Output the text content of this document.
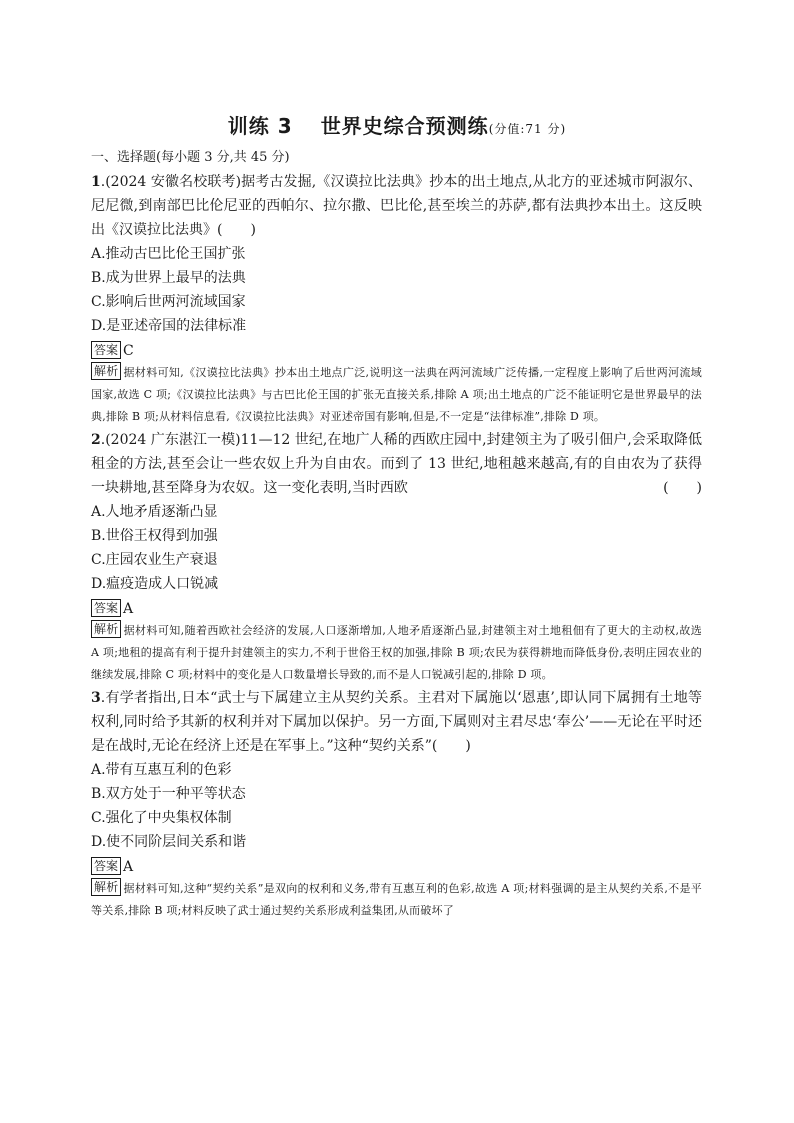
训练 3 世界史综合预测练(分值:71 分)
一、选择题(每小题 3 分,共 45 分)
1.(2024 安徽名校联考)据考古发掘,《汉谟拉比法典》抄本的出土地点,从北方的亚述城市阿淑尔、尼尼微,到南部巴比伦尼亚的西帕尔、拉尔撒、巴比伦,甚至埃兰的苏萨,都有法典抄本出土。这反映出《汉谟拉比法典》(　　)
A.推动古巴比伦王国扩张
B.成为世界上最早的法典
C.影响后世两河流域国家
D.是亚述帝国的法律标准
答案 C
解析 据材料可知,《汉谟拉比法典》抄本出土地点广泛,说明这一法典在两河流域广泛传播,一定程度上影响了后世两河流域国家,故选 C 项;《汉谟拉比法典》与古巴比伦王国的扩张无直接关系,排除 A 项;出土地点的广泛不能证明它是世界最早的法典,排除 B 项;从材料信息看,《汉谟拉比法典》对亚述帝国有影响,但是,不一定是“法律标准”,排除 D 项。
2.(2024 广东湛江一模)11—12 世纪,在地广人稀的西欧庄园中,封建领主为了吸引佃户,会采取降低租金的方法,甚至会让一些农奴上升为自由农。而到了 13 世纪,地租越来越高,有的自由农为了获得一块耕地,甚至降身为农奴。这一变化表明,当时西欧	(　　)
A.人地矛盾逐渐凸显
B.世俗王权得到加强
C.庄园农业生产衰退
D.瘟疫造成人口锐减
答案 A
解析 据材料可知,随着西欧社会经济的发展,人口逐渐增加,人地矛盾逐渐凸显,封建领主对土地租佃有了更大的主动权,故选 A 项;地租的提高有利于提升封建领主的实力,不利于世俗王权的加强,排除 B 项;农民为获得耕地而降低身份,表明庄园农业的继续发展,排除 C 项;材料中的变化是人口数量增长导致的,而不是人口锐减引起的,排除 D 项。
3.有学者指出,日本“武士与下属建立主从契约关系。主君对下属施以‘恩惠’,即认同下属拥有土地等权利,同时给予其新的权利并对下属加以保护。另一方面,下属则对主君尽忠‘奉公’——无论在平时还是在战时,无论在经济上还是在军事上。”这种“契约关系”(　　)
A.带有互惠互利的色彩
B.双方处于一种平等状态
C.强化了中央集权体制
D.使不同阶层间关系和谐
答案 A
解析 据材料可知,这种“契约关系”是双向的权利和义务,带有互惠互利的色彩,故选 A 项;材料强调的是主从契约关系,不是平等关系,排除 B 项;材料反映了武士通过契约关系形成利益集团,从而破坏了
